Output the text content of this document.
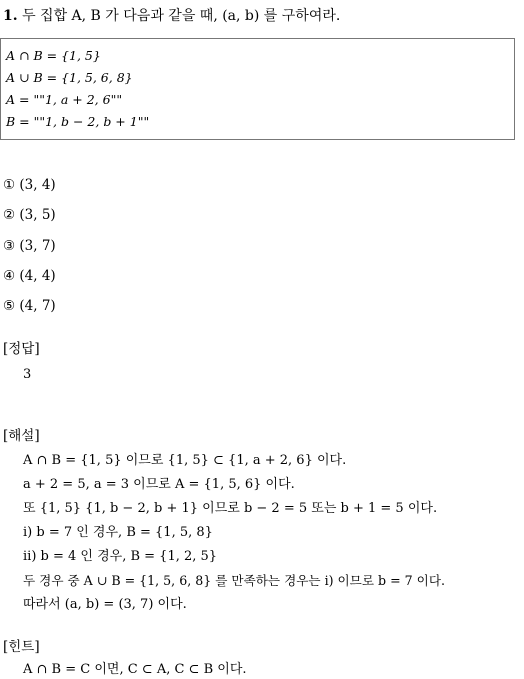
1. 두 집합 A, B 가 다음과 같을 때, (a, b) 를 구하여라.
A ∩ B = {1, 5}
A ∪ B = {1, 5, 6, 8}
A = ""1, a + 2, 6""
B = ""1, b − 2, b + 1""
① (3, 4)
② (3, 5)
③ (3, 7)
④ (4, 4)
⑤ (4, 7)
[정답]
3
[해설]
A ∩ B = {1, 5} 이므로 {1, 5} ⊂ {1, a + 2, 6} 이다.
a + 2 = 5, a = 3 이므로 A = {1, 5, 6} 이다.
또 {1, 5} {1, b − 2, b + 1} 이므로 b − 2 = 5 또는 b + 1 = 5 이다.
ⅰ) b = 7 인 경우, B = {1, 5, 8}
ⅱ) b = 4 인 경우, B = {1, 2, 5}
두 경우 중 A ∪ B = {1, 5, 6, 8} 를 만족하는 경우는 ⅰ) 이므로 b = 7 이다.
따라서 (a, b) = (3, 7) 이다.
[힌트]
A ∩ B = C 이면, C ⊂ A, C ⊂ B 이다.
